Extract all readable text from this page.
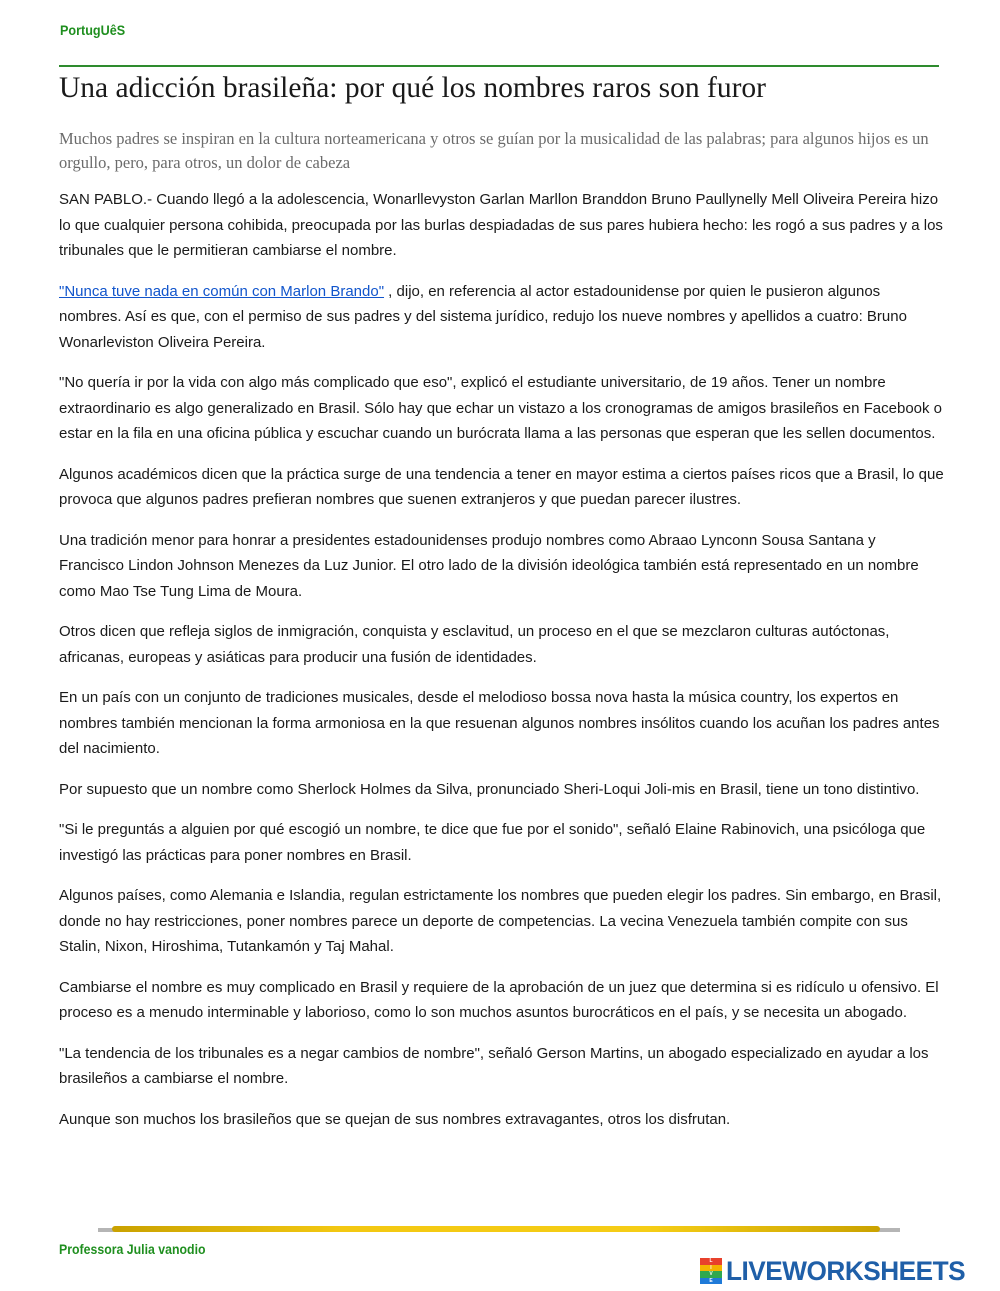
PortugUêS
Una adicción brasileña: por qué los nombres raros son furor

Muchos padres se inspiran en la cultura norteamericana y otros se guían por la musicalidad de las palabras; para algunos hijos es un orgullo, pero, para otros, un dolor de cabeza

SAN PABLO.- Cuando llegó a la adolescencia, Wonarllevyston Garlan Marllon Branddon Bruno Paullynelly Mell Oliveira Pereira hizo lo que cualquier persona cohibida, preocupada por las burlas despiadadas de sus pares hubiera hecho: les rogó a sus padres y a los tribunales que le permitieran cambiarse el nombre.

"Nunca tuve nada en común con Marlon Brando" , dijo, en referencia al actor estadounidense por quien le pusieron algunos nombres. Así es que, con el permiso de sus padres y del sistema jurídico, redujo los nueve nombres y apellidos a cuatro: Bruno Wonarleviston Oliveira Pereira.

"No quería ir por la vida con algo más complicado que eso", explicó el estudiante universitario, de 19 años. Tener un nombre extraordinario es algo generalizado en Brasil. Sólo hay que echar un vistazo a los cronogramas de amigos brasileños en Facebook o estar en la fila en una oficina pública y escuchar cuando un burócrata llama a las personas que esperan que les sellen documentos.

Algunos académicos dicen que la práctica surge de una tendencia a tener en mayor estima a ciertos países ricos que a Brasil, lo que provoca que algunos padres prefieran nombres que suenen extranjeros y que puedan parecer ilustres.

Una tradición menor para honrar a presidentes estadounidenses produjo nombres como Abraao Lynconn Sousa Santana y Francisco Lindon Johnson Menezes da Luz Junior. El otro lado de la división ideológica también está representado en un nombre como Mao Tse Tung Lima de Moura.

Otros dicen que refleja siglos de inmigración, conquista y esclavitud, un proceso en el que se mezclaron culturas autóctonas, africanas, europeas y asiáticas para producir una fusión de identidades.

En un país con un conjunto de tradiciones musicales, desde el melodioso bossa nova hasta la música country, los expertos en nombres también mencionan la forma armoniosa en la que resuenan algunos nombres insólitos cuando los acuñan los padres antes del nacimiento.

Por supuesto que un nombre como Sherlock Holmes da Silva, pronunciado Sheri-Loqui Joli-mis en Brasil, tiene un tono distintivo.

"Si le preguntás a alguien por qué escogió un nombre, te dice que fue por el sonido", señaló Elaine Rabinovich, una psicóloga que investigó las prácticas para poner nombres en Brasil.

Algunos países, como Alemania e Islandia, regulan estrictamente los nombres que pueden elegir los padres. Sin embargo, en Brasil, donde no hay restricciones, poner nombres parece un deporte de competencias. La vecina Venezuela también compite con sus Stalin, Nixon, Hiroshima, Tutankamón y Taj Mahal.

Cambiarse el nombre es muy complicado en Brasil y requiere de la aprobación de un juez que determina si es ridículo u ofensivo. El proceso es a menudo interminable y laborioso, como lo son muchos asuntos burocráticos en el país, y se necesita un abogado.

"La tendencia de los tribunales es a negar cambios de nombre", señaló Gerson Martins, un abogado especializado en ayudar a los brasileños a cambiarse el nombre.

Aunque son muchos los brasileños que se quejan de sus nombres extravagantes, otros los disfrutan.

Professora Julia vanodio
L
I
V
E LIVEWORKSHEETS
